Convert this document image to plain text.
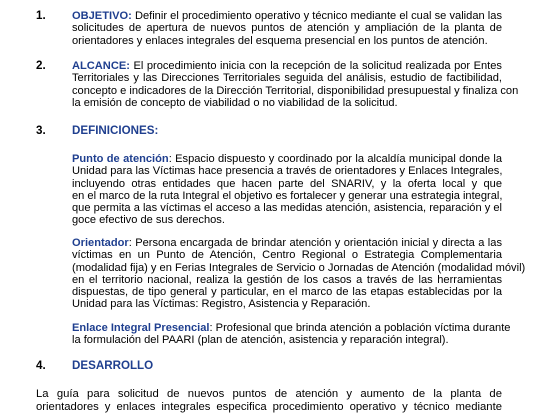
1. OBJETIVO: Definir el procedimiento operativo y técnico mediante el cual se validan las
solicitudes de apertura de nuevos puntos de atención y ampliación de la planta de
orientadores y enlaces integrales del esquema presencial en los puntos de atención.
2. ALCANCE: El procedimiento inicia con la recepción de la solicitud realizada por Entes
Territoriales y las Direcciones Territoriales seguida del análisis, estudio de factibilidad,
concepto e indicadores de la Dirección Territorial, disponibilidad presupuestal y finaliza con
la emisión de concepto de viabilidad o no viabilidad de la solicitud.
3. DEFINICIONES:
Punto de atención: Espacio dispuesto y coordinado por la alcaldía municipal donde la
Unidad para las Víctimas hace presencia a través de orientadores y Enlaces Integrales,
incluyendo otras entidades que hacen parte del SNARIV, y la oferta local y que
en el marco de la ruta Integral el objetivo es fortalecer y generar una estrategia integral,
que permita a las víctimas el acceso a las medidas atención, asistencia, reparación y el
goce efectivo de sus derechos.
Orientador: Persona encargada de brindar atención y orientación inicial y directa a las
víctimas en un Punto de Atención, Centro Regional o Estrategia Complementaria
(modalidad fija) y en Ferias Integrales de Servicio o Jornadas de Atención (modalidad móvil)
en el territorio nacional, realiza la gestión de los casos a través de las herramientas
dispuestas, de tipo general y particular, en el marco de las etapas establecidas por la
Unidad para las Víctimas: Registro, Asistencia y Reparación.
Enlace Integral Presencial: Profesional que brinda atención a población víctima durante
la formulación del PAARI (plan de atención, asistencia y reparación integral).
4. DESARROLLO
La guía para solicitud de nuevos puntos de atención y aumento de la planta de
orientadores y enlaces integrales especifica procedimiento operativo y técnico mediante
